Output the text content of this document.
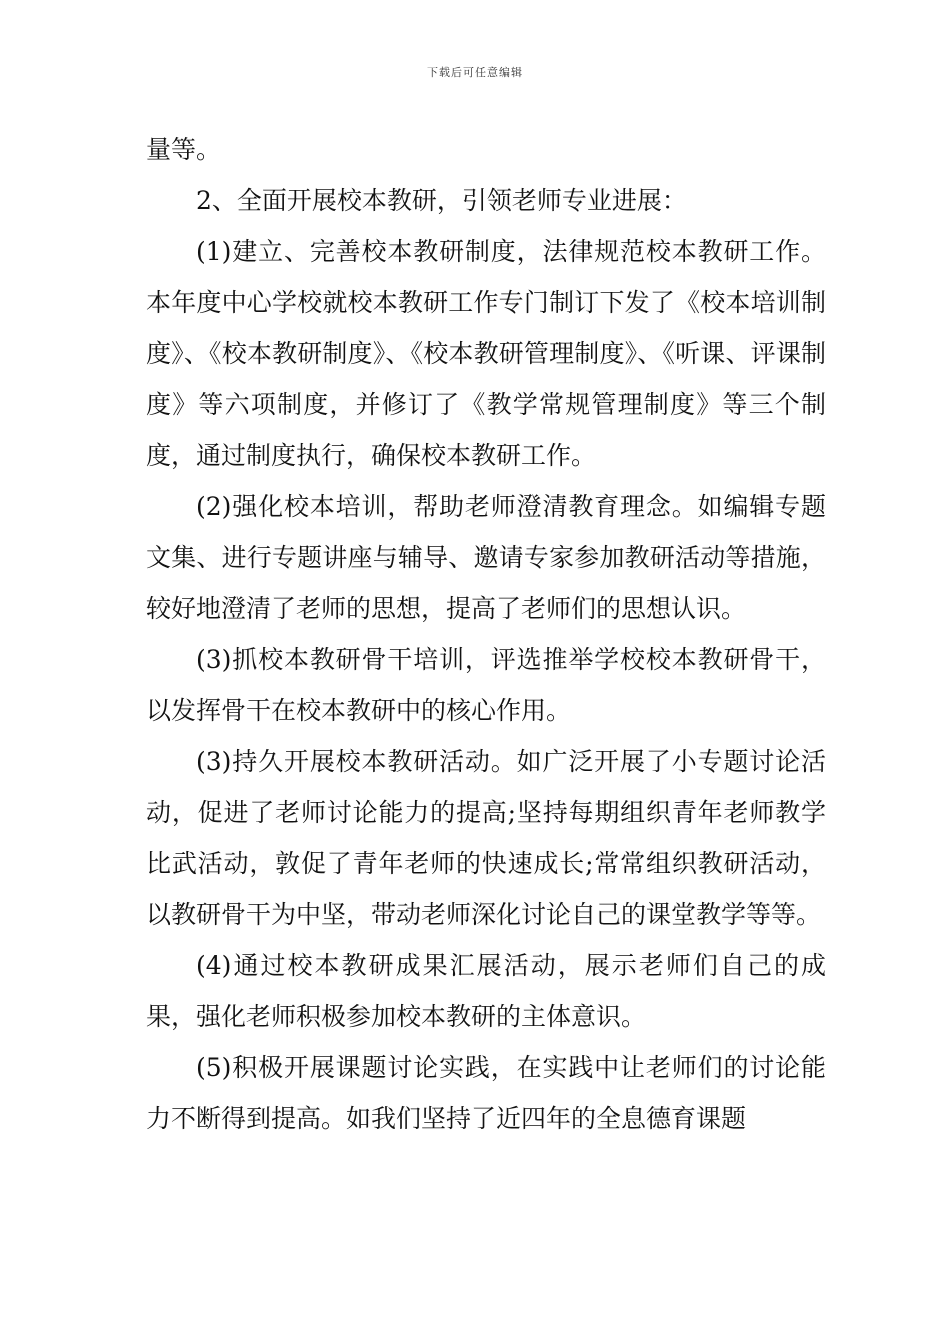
下载后可任意编辑

量等。

2、全面开展校本教研，引领老师专业进展：

(1)建立、完善校本教研制度，法律规范校本教研工作。本年度中心学校就校本教研工作专门制订下发了《校本培训制度》、《校本教研制度》、《校本教研管理制度》、《听课、评课制度》等六项制度，并修订了《教学常规管理制度》等三个制度，通过制度执行，确保校本教研工作。

(2)强化校本培训，帮助老师澄清教育理念。如编辑专题文集、进行专题讲座与辅导、邀请专家参加教研活动等措施，较好地澄清了老师的思想，提高了老师们的思想认识。

(3)抓校本教研骨干培训，评选推举学校校本教研骨干，以发挥骨干在校本教研中的核心作用。

(3)持久开展校本教研活动。如广泛开展了小专题讨论活动，促进了老师讨论能力的提高;坚持每期组织青年老师教学比武活动，敦促了青年老师的快速成长;常常组织教研活动，以教研骨干为中坚，带动老师深化讨论自己的课堂教学等等。

(4)通过校本教研成果汇展活动，展示老师们自己的成果，强化老师积极参加校本教研的主体意识。

(5)积极开展课题讨论实践，在实践中让老师们的讨论能力不断得到提高。如我们坚持了近四年的全息德育课题
